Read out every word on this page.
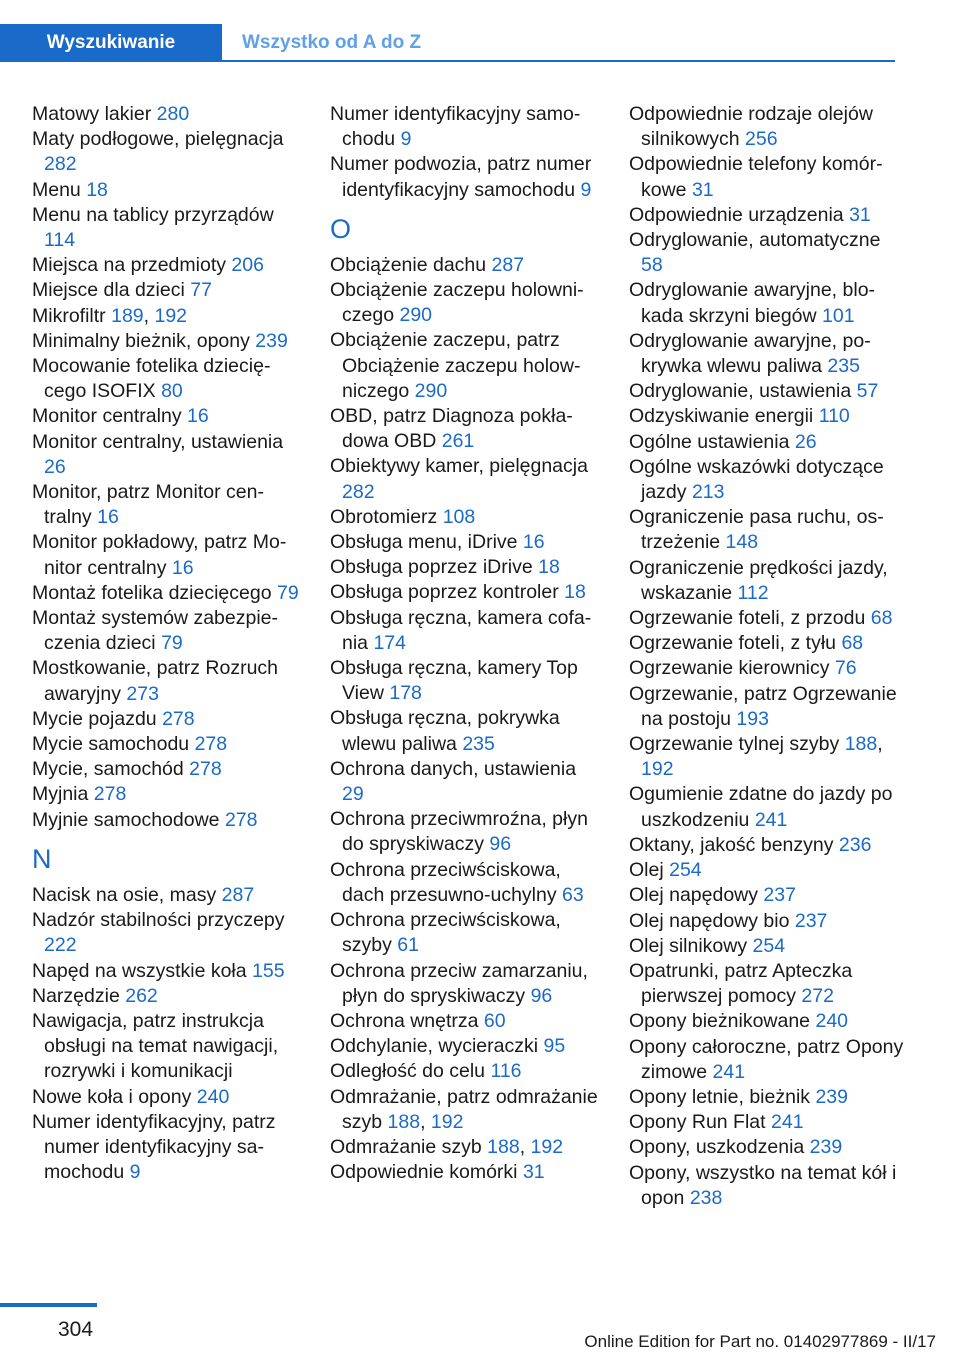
Wyszukiwanie	Wszystko od A do Z
Matowy lakier 280
Maty podłogowe, pielęgnacja 282
Menu 18
Menu na tablicy przyrządów 114
Miejsca na przedmioty 206
Miejsce dla dzieci 77
Mikrofiltr 189, 192
Minimalny bieżnik, opony 239
Mocowanie fotelika dziecięcego ISOFIX 80
Monitor centralny 16
Monitor centralny, ustawienia 26
Monitor, patrz Monitor centralny 16
Monitor pokładowy, patrz Monitor centralny 16
Montaż fotelika dziecięcego 79
Montaż systemów zabezpieczenia dzieci 79
Mostkowanie, patrz Rozruch awaryjny 273
Mycie pojazdu 278
Mycie samochodu 278
Mycie, samochód 278
Myjnia 278
Myjnie samochodowe 278
N
Nacisk na osie, masy 287
Nadzór stabilności przyczepy 222
Napęd na wszystkie koła 155
Narzędzie 262
Nawigacja, patrz instrukcja obsługi na temat nawigacji, rozrywki i komunikacji
Nowe koła i opony 240
Numer identyfikacyjny, patrz numer identyfikacyjny samochodu 9
Numer identyfikacyjny samochodu 9
Numer podwozia, patrz numer identyfikacyjny samochodu 9
O
Obciążenie dachu 287
Obciążenie zaczepu holowniczego 290
Obciążenie zaczepu, patrz Obciążenie zaczepu holowniczego 290
OBD, patrz Diagnoza pokładowa OBD 261
Obiektywy kamer, pielęgnacja 282
Obrotomierz 108
Obsługa menu, iDrive 16
Obsługa poprzez iDrive 18
Obsługa poprzez kontroler 18
Obsługa ręczna, kamera cofania 174
Obsługa ręczna, kamery Top View 178
Obsługa ręczna, pokrywka wlewu paliwa 235
Ochrona danych, ustawienia 29
Ochrona przeciwmroźna, płyn do spryskiwaczy 96
Ochrona przeciwściskowa, dach przesuwno-uchylny 63
Ochrona przeciwściskowa, szyby 61
Ochrona przeciw zamarzaniu, płyn do spryskiwaczy 96
Ochrona wnętrza 60
Odchylanie, wycieraczki 95
Odległość do celu 116
Odmrażanie, patrz odmrażanie szyb 188, 192
Odmrażanie szyb 188, 192
Odpowiednie komórki 31
Odpowiednie rodzaje olejów silnikowych 256
Odpowiednie telefony komórkowe 31
Odpowiednie urządzenia 31
Odryglowanie, automatyczne 58
Odryglowanie awaryjne, blokada skrzyni biegów 101
Odryglowanie awaryjne, pokrywka wlewu paliwa 235
Odryglowanie, ustawienia 57
Odzyskiwanie energii 110
Ogólne ustawienia 26
Ogólne wskazówki dotyczące jazdy 213
Ograniczenie pasa ruchu, ostrzeżenie 148
Ograniczenie prędkości jazdy, wskazanie 112
Ogrzewanie foteli, z przodu 68
Ogrzewanie foteli, z tyłu 68
Ogrzewanie kierownicy 76
Ogrzewanie, patrz Ogrzewanie na postoju 193
Ogrzewanie tylnej szyby 188, 192
Ogumienie zdatne do jazdy po uszkodzeniu 241
Oktany, jakość benzyny 236
Olej 254
Olej napędowy 237
Olej napędowy bio 237
Olej silnikowy 254
Opatrunki, patrz Apteczka pierwszej pomocy 272
Opony bieżnikowane 240
Opony całoroczne, patrz Opony zimowe 241
Opony letnie, bieżnik 239
Opony Run Flat 241
Opony, uszkodzenia 239
Opony, wszystko na temat kół i opon 238
304
Online Edition for Part no. 01402977869 - II/17
